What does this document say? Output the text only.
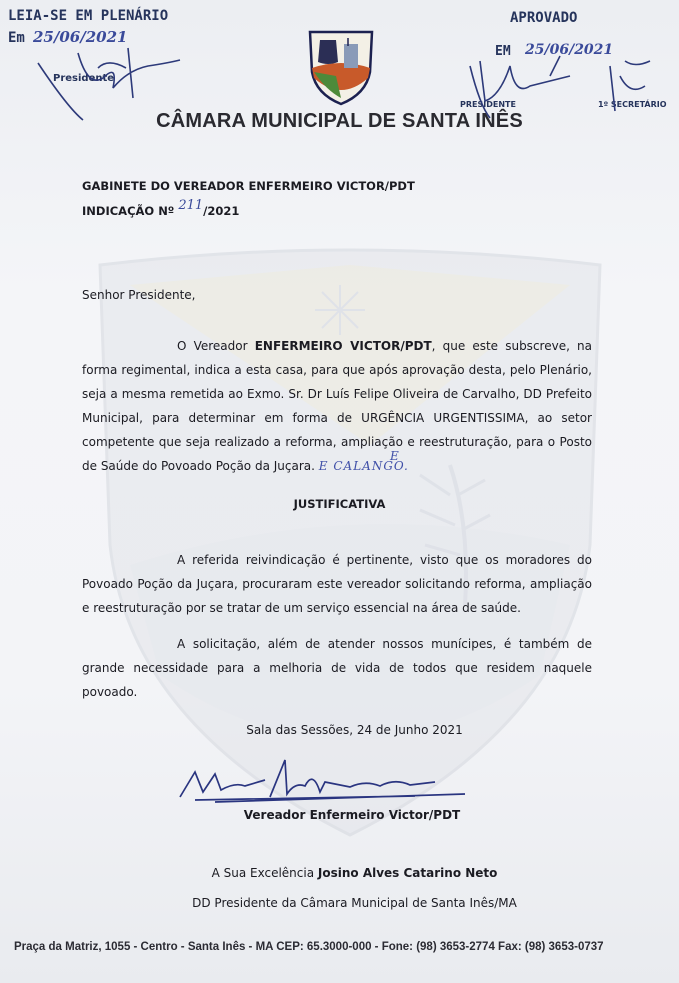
LEIA-SE EM PLENÁRIO
Em 25/06/2021
Presidente
APROVADO
EM 25/06/2021
PRESIDENTE	1º SECRETÁRIO
CÂMARA MUNICIPAL DE SANTA INÊS
GABINETE DO VEREADOR ENFERMEIRO VICTOR/PDT
INDICAÇÃO Nº 211/2021
Senhor Presidente,

O Vereador ENFERMEIRO VICTOR/PDT, que este subscreve, na forma regimental, indica a esta casa, para que após aprovação desta, pelo Plenário, seja a mesma remetida ao Exmo. Sr. Dr Luís Felipe Oliveira de Carvalho, DD Prefeito Municipal, para determinar em forma de URGÊNCIA URGENTISSIMA, ao setor competente que seja realizado a reforma, ampliação e reestruturação, para o Posto de Saúde do Povoado Poção da Juçara. E CALANGO.

E
JUSTIFICATIVA

A referida reivindicação é pertinente, visto que os moradores do Povoado Poção da Juçara, procuraram este vereador solicitando reforma, ampliação e reestruturação por se tratar de um serviço essencial na área de saúde.

A solicitação, além de atender nossos munícipes, é também de grande necessidade para a melhoria de vida de todos que residem naquele povoado.

Sala das Sessões, 24 de Junho 2021
Vereador Enfermeiro Victor/PDT
A Sua Excelência Josino Alves Catarino Neto
DD Presidente da Câmara Municipal de Santa Inês/MA
Praça da Matriz, 1055 - Centro - Santa Inês - MA CEP: 65.3000-000 - Fone: (98) 3653-2774 Fax: (98) 3653-0737
